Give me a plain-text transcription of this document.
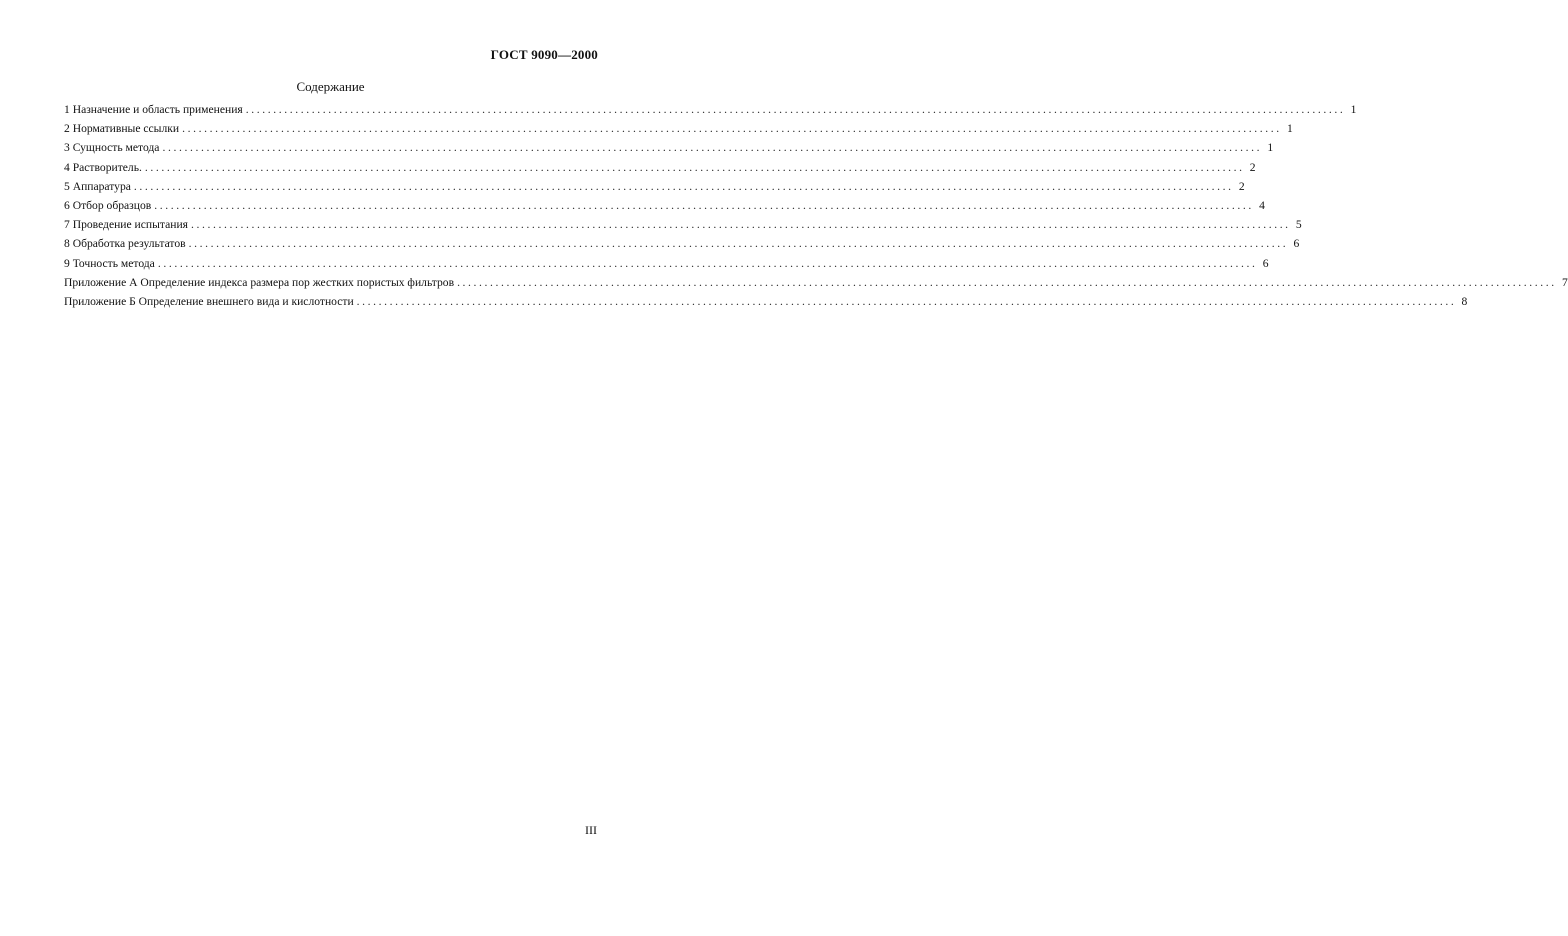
ГОСТ 9090—2000
Содержание
1 Назначение и область применения ........................................................................................................................................................................................................ 1
2 Нормативные ссылки ........................................................................................................................................................................................................ 1
3 Сущность метода ........................................................................................................................................................................................................ 1
4 Растворитель. ........................................................................................................................................................................................................ 2
5 Аппаратура ........................................................................................................................................................................................................ 2
6 Отбор образцов ........................................................................................................................................................................................................ 4
7 Проведение испытания ........................................................................................................................................................................................................ 5
8 Обработка результатов ........................................................................................................................................................................................................ 6
9 Точность метода ........................................................................................................................................................................................................ 6
Приложение А Определение индекса размера пор жестких пористых фильтров ........................................................................................................................................................................................................ 7
Приложение Б Определение внешнего вида и кислотности ........................................................................................................................................................................................................ 8
III
